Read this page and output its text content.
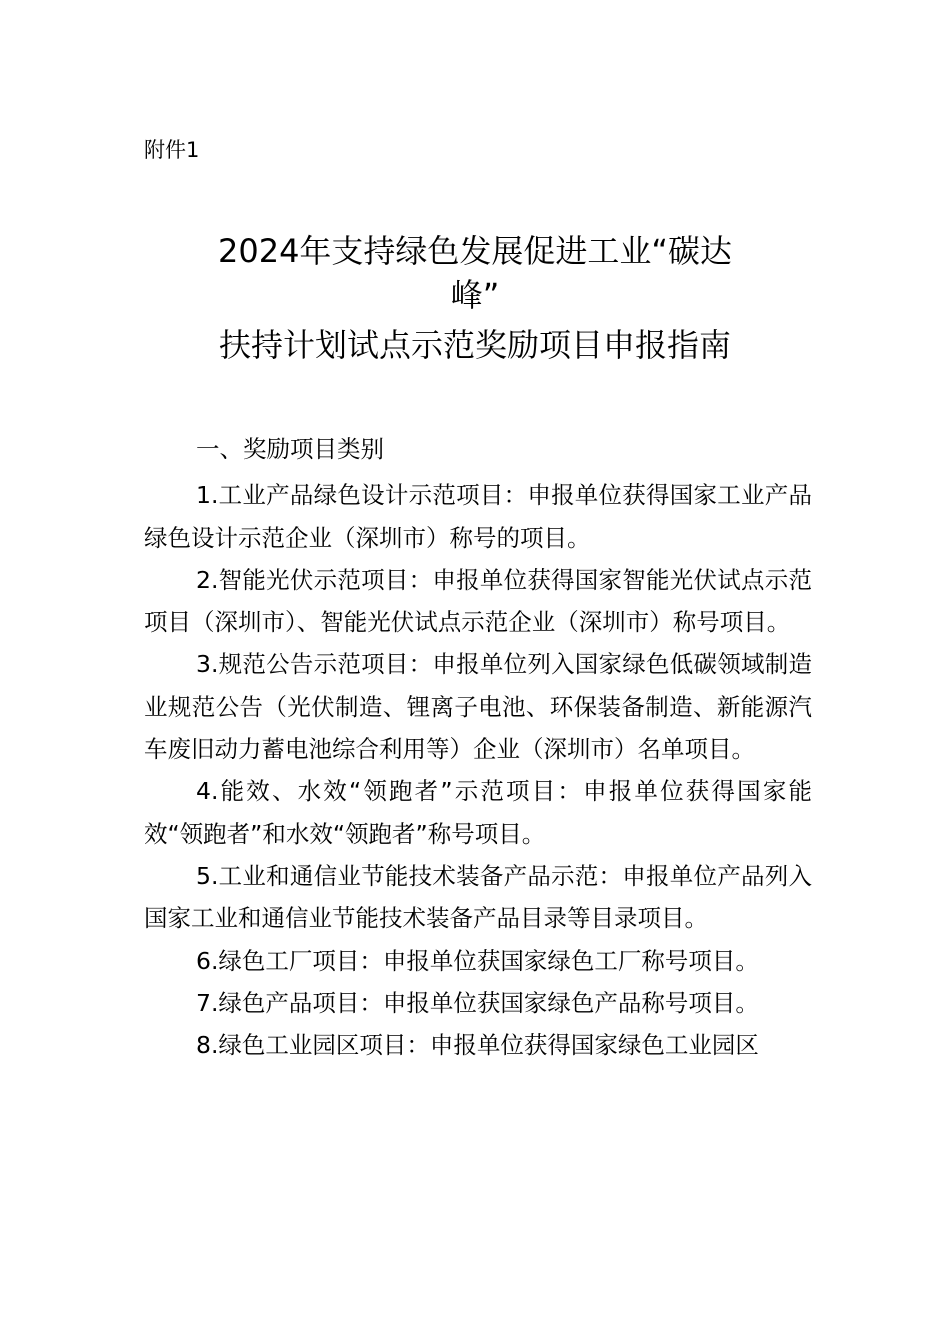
附件1
2024年支持绿色发展促进工业“碳达
峰”
扶持计划试点示范奖励项目申报指南

一、奖励项目类别

1.工业产品绿色设计示范项目：申报单位获得国家工业产品绿色设计示范企业（深圳市）称号的项目。

2.智能光伏示范项目：申报单位获得国家智能光伏试点示范项目（深圳市）、智能光伏试点示范企业（深圳市）称号项目。

3.规范公告示范项目：申报单位列入国家绿色低碳领域制造业规范公告（光伏制造、锂离子电池、环保装备制造、新能源汽车废旧动力蓄电池综合利用等）企业（深圳市）名单项目。

4.能效、水效“领跑者”示范项目：申报单位获得国家能效“领跑者”和水效“领跑者”称号项目。

5.工业和通信业节能技术装备产品示范：申报单位产品列入国家工业和通信业节能技术装备产品目录等目录项目。

6.绿色工厂项目：申报单位获国家绿色工厂称号项目。

7.绿色产品项目：申报单位获国家绿色产品称号项目。

8.绿色工业园区项目：申报单位获得国家绿色工业园区
